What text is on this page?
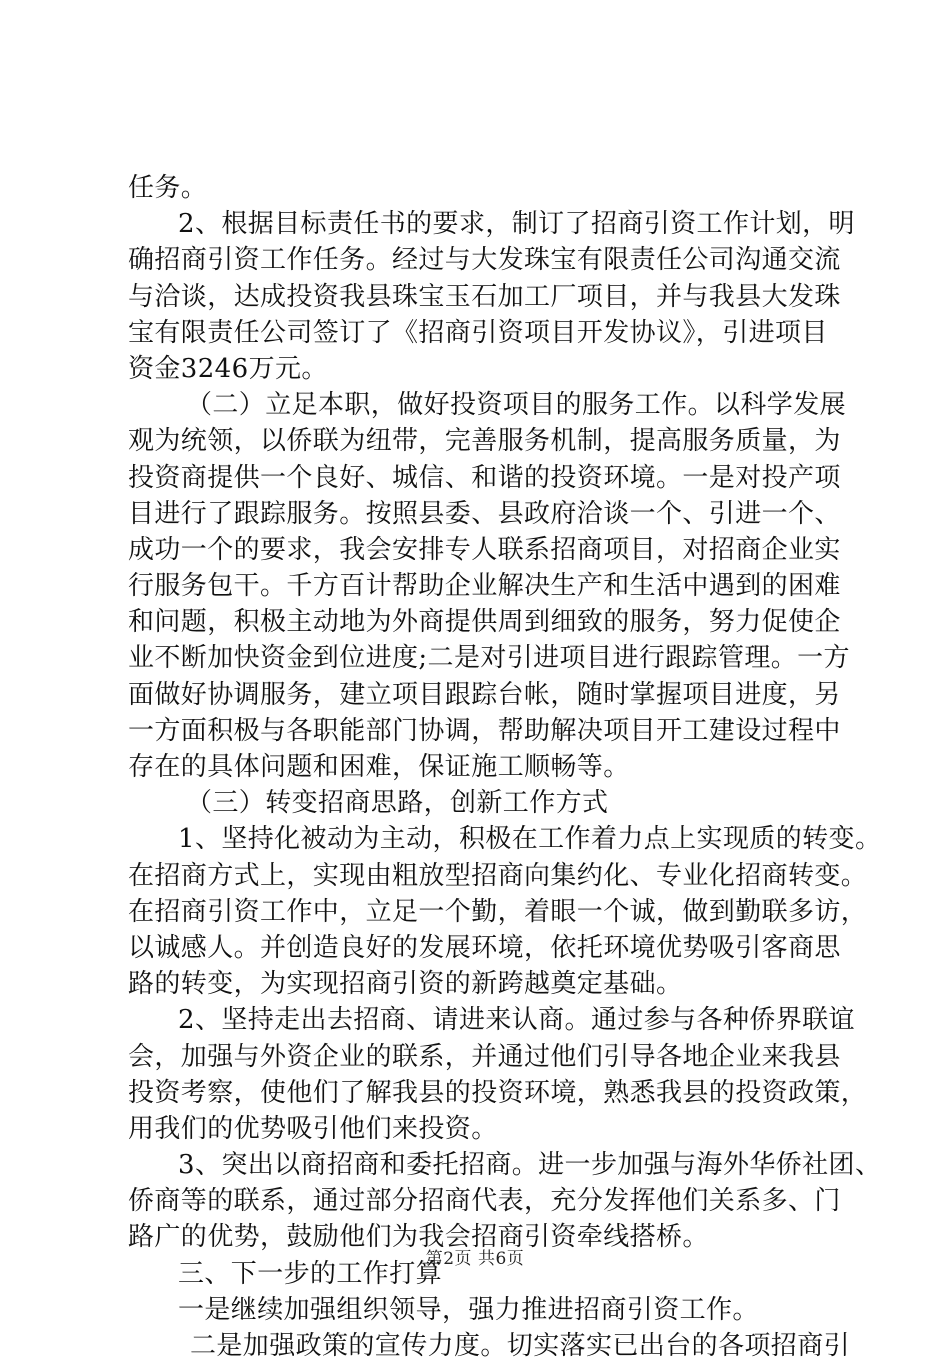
任务。
2、根据目标责任书的要求，制订了招商引资工作计划，明
确招商引资工作任务。经过与大发珠宝有限责任公司沟通交流
与洽谈，达成投资我县珠宝玉石加工厂项目，并与我县大发珠
宝有限责任公司签订了《招商引资项目开发协议》，引进项目
资金3246万元。
（二）立足本职，做好投资项目的服务工作。以科学发展
观为统领，以侨联为纽带，完善服务机制，提高服务质量，为
投资商提供一个良好、城信、和谐的投资环境。一是对投产项
目进行了跟踪服务。按照县委、县政府洽谈一个、引进一个、
成功一个的要求，我会安排专人联系招商项目，对招商企业实
行服务包干。千方百计帮助企业解决生产和生活中遇到的困难
和问题，积极主动地为外商提供周到细致的服务，努力促使企
业不断加快资金到位进度;二是对引进项目进行跟踪管理。一方
面做好协调服务，建立项目跟踪台帐，随时掌握项目进度，另
一方面积极与各职能部门协调，帮助解决项目开工建设过程中
存在的具体问题和困难，保证施工顺畅等。
（三）转变招商思路，创新工作方式
1、坚持化被动为主动，积极在工作着力点上实现质的转变。
在招商方式上，实现由粗放型招商向集约化、专业化招商转变。
在招商引资工作中，立足一个勤，着眼一个诚，做到勤联多访，
以诚感人。并创造良好的发展环境，依托环境优势吸引客商思
路的转变，为实现招商引资的新跨越奠定基础。
2、坚持走出去招商、请进来认商。通过参与各种侨界联谊
会，加强与外资企业的联系，并通过他们引导各地企业来我县
投资考察，使他们了解我县的投资环境，熟悉我县的投资政策，
用我们的优势吸引他们来投资。
3、突出以商招商和委托招商。进一步加强与海外华侨社团、
侨商等的联系，通过部分招商代表，充分发挥他们关系多、门
路广的优势，鼓励他们为我会招商引资牵线搭桥。
三、下一步的工作打算
一是继续加强组织领导，强力推进招商引资工作。
二是加强政策的宣传力度。切实落实已出台的各项招商引
第2页 共6页
